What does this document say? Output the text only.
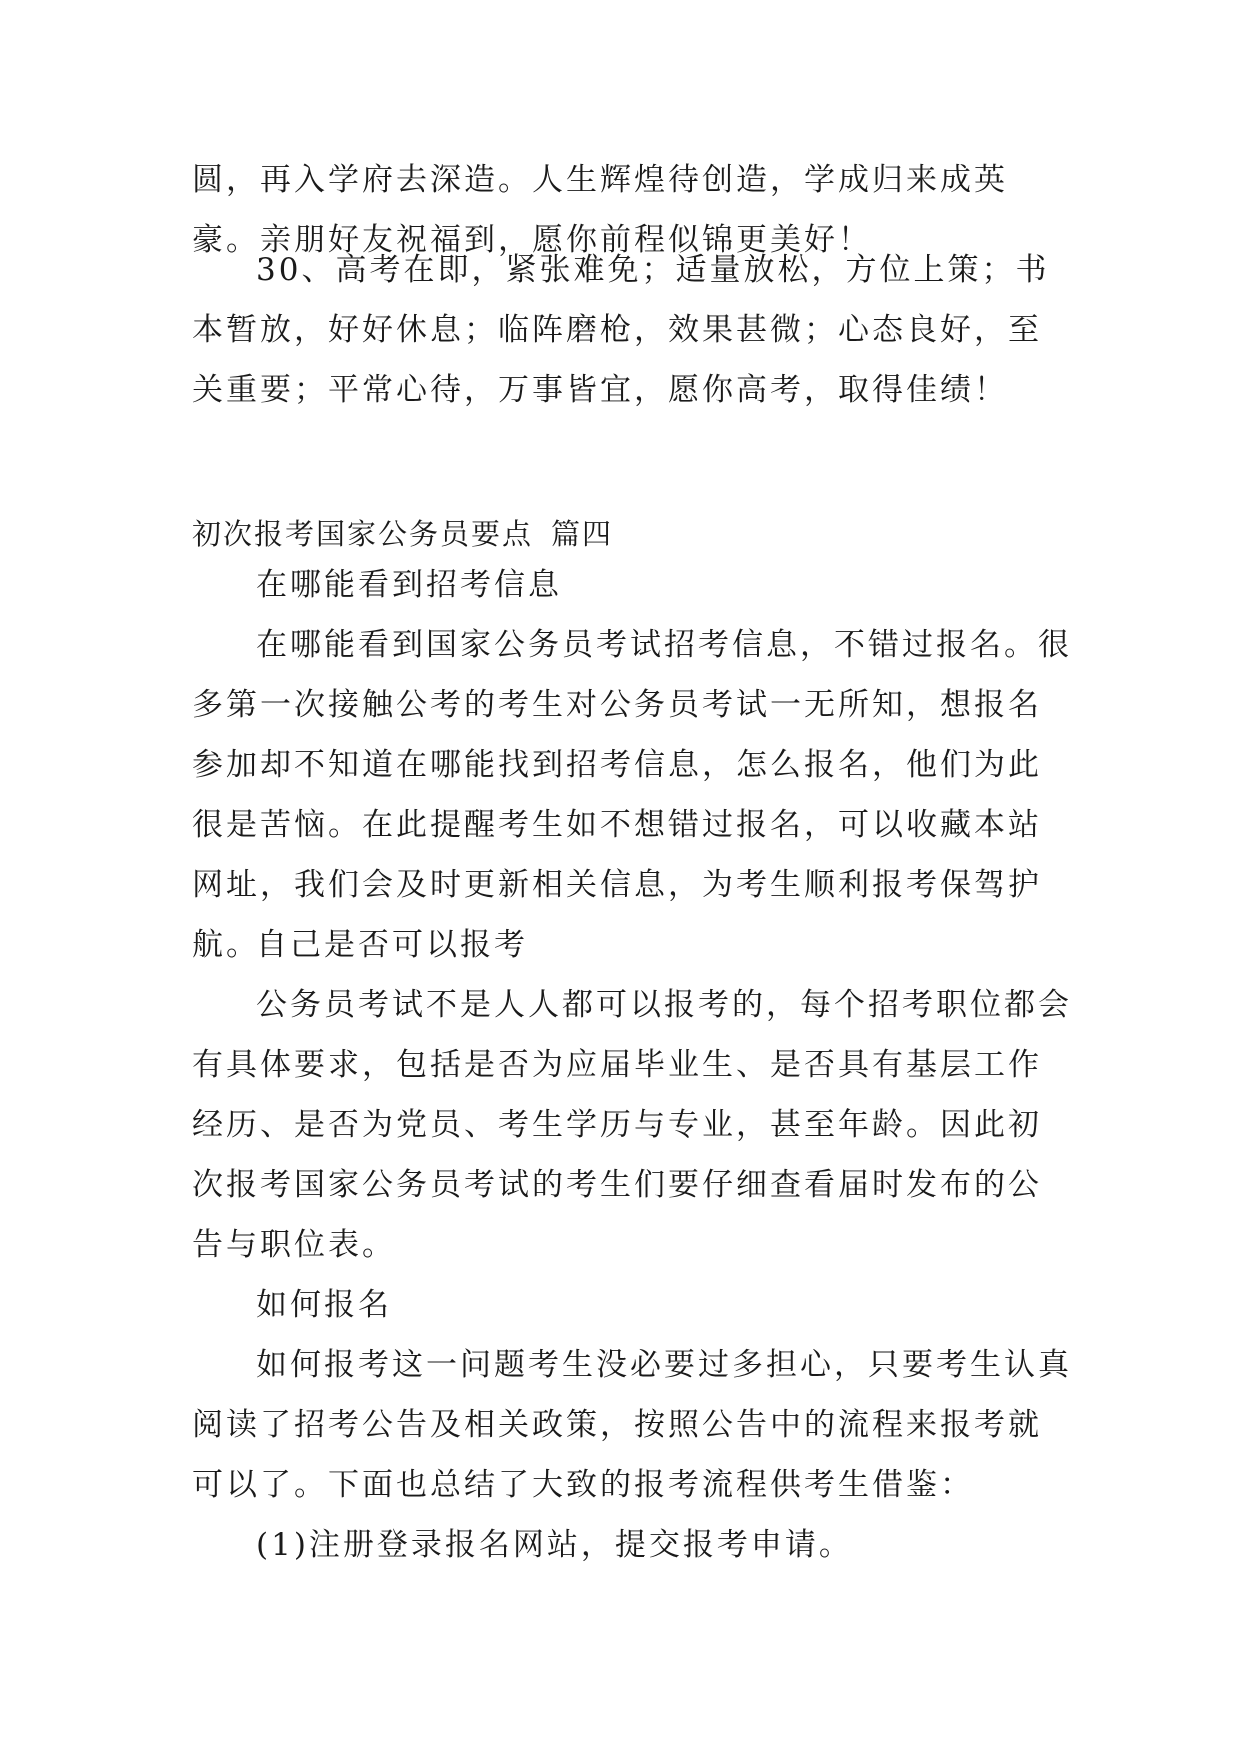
圆，再入学府去深造。人生辉煌待创造，学成归来成英豪。亲朋好友祝福到，愿你前程似锦更美好！

30、高考在即，紧张难免；适量放松，方位上策；书本暂放，好好休息；临阵磨枪，效果甚微；心态良好，至关重要；平常心待，万事皆宜，愿你高考，取得佳绩！

初次报考国家公务员要点 篇四

在哪能看到招考信息

在哪能看到国家公务员考试招考信息，不错过报名。很多第一次接触公考的考生对公务员考试一无所知，想报名参加却不知道在哪能找到招考信息，怎么报名，他们为此很是苦恼。在此提醒考生如不想错过报名，可以收藏本站网址，我们会及时更新相关信息，为考生顺利报考保驾护航。

自己是否可以报考

公务员考试不是人人都可以报考的，每个招考职位都会有具体要求，包括是否为应届毕业生、是否具有基层工作经历、是否为党员、考生学历与专业，甚至年龄。因此初次报考国家公务员考试的考生们要仔细查看届时发布的公告与职位表。

如何报名

如何报考这一问题考生没必要过多担心，只要考生认真阅读了招考公告及相关政策，按照公告中的流程来报考就可以了。下面也总结了大致的报考流程供考生借鉴：

(1)注册登录报名网站，提交报考申请。
